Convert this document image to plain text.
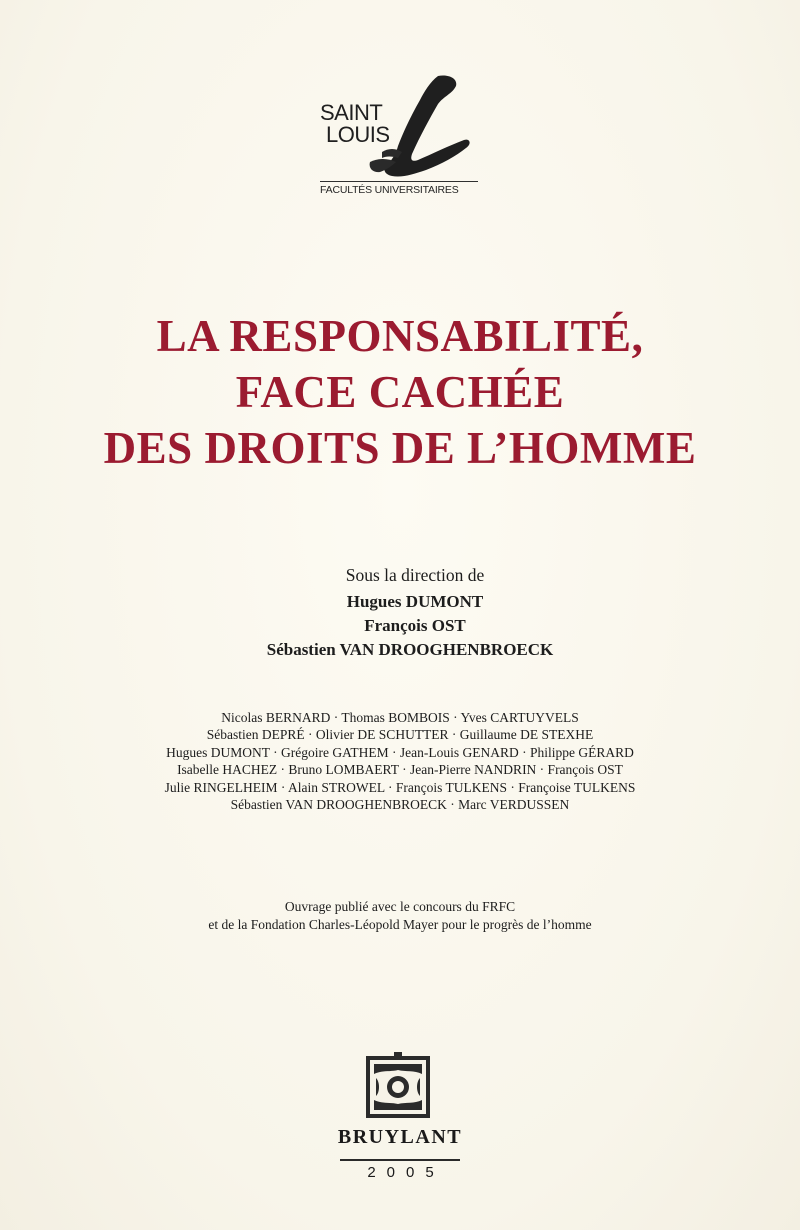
SAINT
LOUIS
FACULTÉS UNIVERSITAIRES
LA RESPONSABILITÉ,
FACE CACHÉE
DES DROITS DE L’HOMME
Sous la direction de
Hugues DUMONT
François OST
Sébastien VAN DROOGHENBROECK
Nicolas BERNARD · Thomas BOMBOIS · Yves CARTUYVELS
Sébastien DEPRÉ · Olivier DE SCHUTTER · Guillaume DE STEXHE
Hugues DUMONT · Grégoire GATHEM · Jean-Louis GENARD · Philippe GÉRARD
Isabelle HACHEZ · Bruno LOMBAERT · Jean-Pierre NANDRIN · François OST
Julie RINGELHEIM · Alain STROWEL · François TULKENS · Françoise TULKENS
Sébastien VAN DROOGHENBROECK · Marc VERDUSSEN
Ouvrage publié avec le concours du FRFC
et de la Fondation Charles-Léopold Mayer pour le progrès de l’homme
BRUYLANT
2005
